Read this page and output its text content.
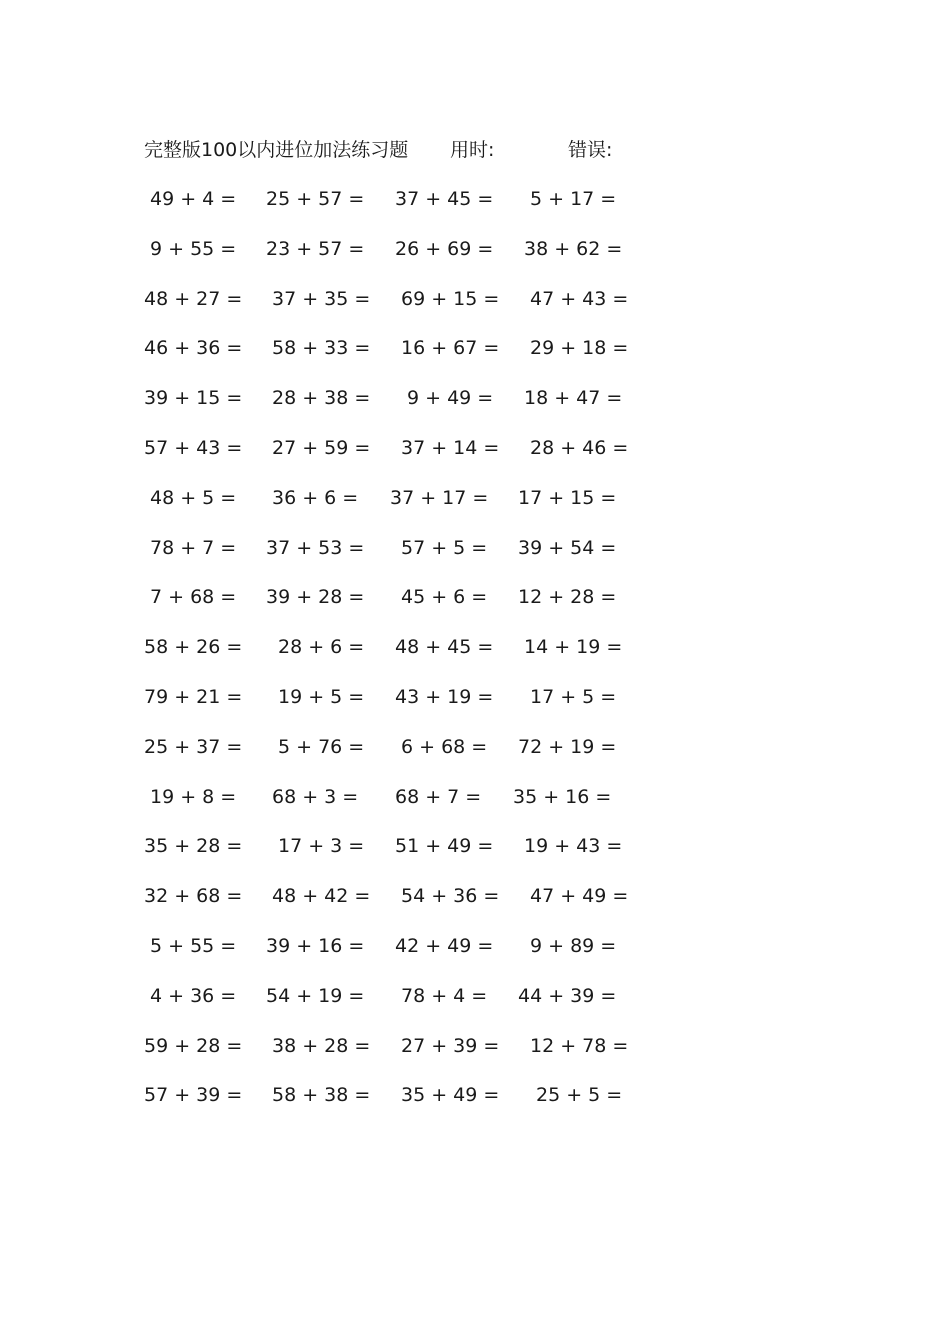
完整版100以内进位加法练习题 用时:	错误:
49 + 4 = 25 + 57 = 37 + 45 = 5 + 17 =
9 + 55 = 23 + 57 = 26 + 69 = 38 + 62 =
48 + 27 = 37 + 35 = 69 + 15 = 47 + 43 =
46 + 36 = 58 + 33 = 16 + 67 = 29 + 18 =
39 + 15 = 28 + 38 = 9 + 49 = 18 + 47 =
57 + 43 = 27 + 59 = 37 + 14 = 28 + 46 =
48 + 5 = 36 + 6 = 37 + 17 = 17 + 15 =
78 + 7 = 37 + 53 = 57 + 5 = 39 + 54 =
7 + 68 = 39 + 28 = 45 + 6 = 12 + 28 =
58 + 26 = 28 + 6 = 48 + 45 = 14 + 19 =
79 + 21 = 19 + 5 = 43 + 19 = 17 + 5 =
25 + 37 = 5 + 76 = 6 + 68 = 72 + 19 =
19 + 8 = 68 + 3 = 68 + 7 = 35 + 16 =
35 + 28 = 17 + 3 = 51 + 49 = 19 + 43 =
32 + 68 = 48 + 42 = 54 + 36 = 47 + 49 =
5 + 55 = 39 + 16 = 42 + 49 = 9 + 89 =
4 + 36 = 54 + 19 = 78 + 4 = 44 + 39 =
59 + 28 = 38 + 28 = 27 + 39 = 12 + 78 =
57 + 39 = 58 + 38 = 35 + 49 = 25 + 5 =
